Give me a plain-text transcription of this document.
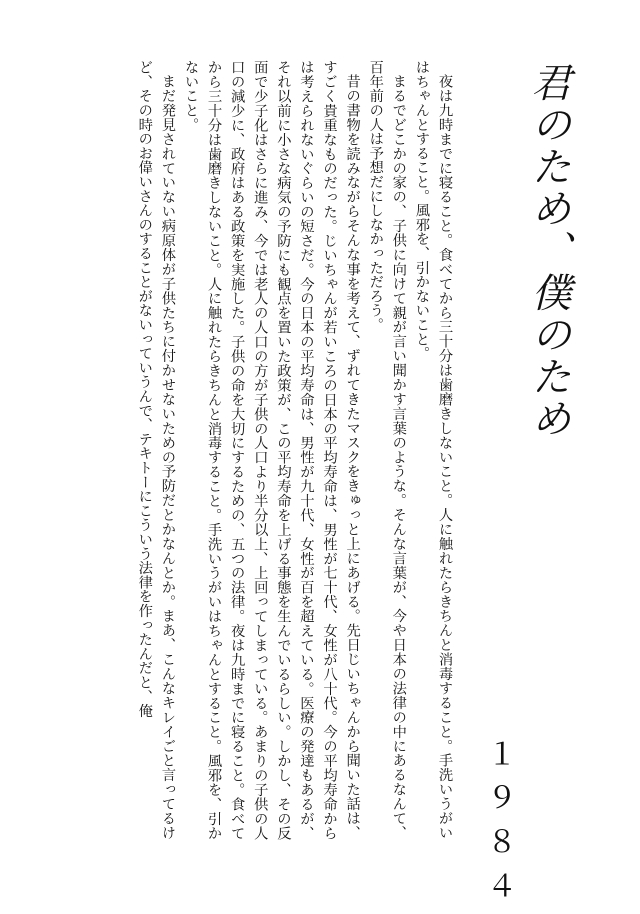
君のため、僕のため
１９８４

夜は九時までに寝ること。食べてから三十分は歯磨きしないこと。人に触れたらきちんと消毒すること。手洗いうがいはちゃんとすること。風邪を、引かないこと。

まるでどこかの家の、子供に向けて親が言い聞かす言葉のような。そんな言葉が、今や日本の法律の中にあるなんて、百年前の人は予想だにしなかっただろう。

昔の書物を読みながらそんな事を考えて、ずれてきたマスクをきゅっと上にあげる。先日じいちゃんから聞いた話は、すごく貴重なものだった。じいちゃんが若いころの日本の平均寿命は、男性が七十代、女性が八十代。今の平均寿命からは考えられないぐらいの短さだ。今の日本の平均寿命は、男性が九十代、女性が百を超えている。医療の発達もあるが、それ以前に小さな病気の予防にも観点を置いた政策が、この平均寿命を上げる事態を生んでいるらしい。しかし、その反面で少子化はさらに進み、今では老人の人口の方が子供の人口より半分以上、上回ってしまっている。あまりの子供の人口の減少に、政府はある政策を実施した。子供の命を大切にするための、五つの法律。夜は九時までに寝ること。食べてから三十分は歯磨きしないこと。人に触れたらきちんと消毒すること。手洗いうがいはちゃんとすること。風邪を、引かないこと。

まだ発見されていない病原体が子供たちに付かせないための予防だとかなんとか。まあ、こんなキレイごと言ってるけど、その時のお偉いさんのすることがないっていうんで、テキトーにこういう法律を作ったんだと、俺
